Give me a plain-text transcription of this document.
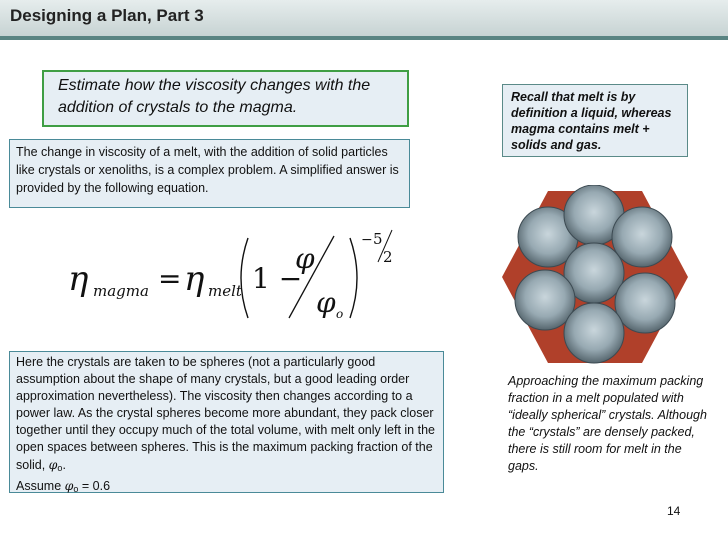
Designing a Plan, Part 3
Estimate how the viscosity changes with the addition of crystals to the magma.
Recall that melt is by definition a liquid, whereas magma contains melt + solids and gas.
The change in viscosity of a melt, with the addition of solid particles like crystals or xenoliths, is a complex problem. A simplified answer is provided by the following equation.
η magma = η melt 1 −
φ
φ o
− 5
2
Here the crystals are taken to be spheres (not a particularly good assumption about the shape of many crystals, but a good leading order approximation nevertheless). The viscosity then changes according to a power law. As the crystal spheres become more abundant, they pack closer together until they occupy much of the total volume, with melt only left in the open spaces between spheres. This is the maximum packing fraction of the solid, $\varphi_o$.
Assume $\varphi_o = 0.6$
Approaching the maximum packing fraction in a melt populated with “ideally spherical” crystals. Although the “crystals” are densely packed, there is still room for melt in the gaps.
14
